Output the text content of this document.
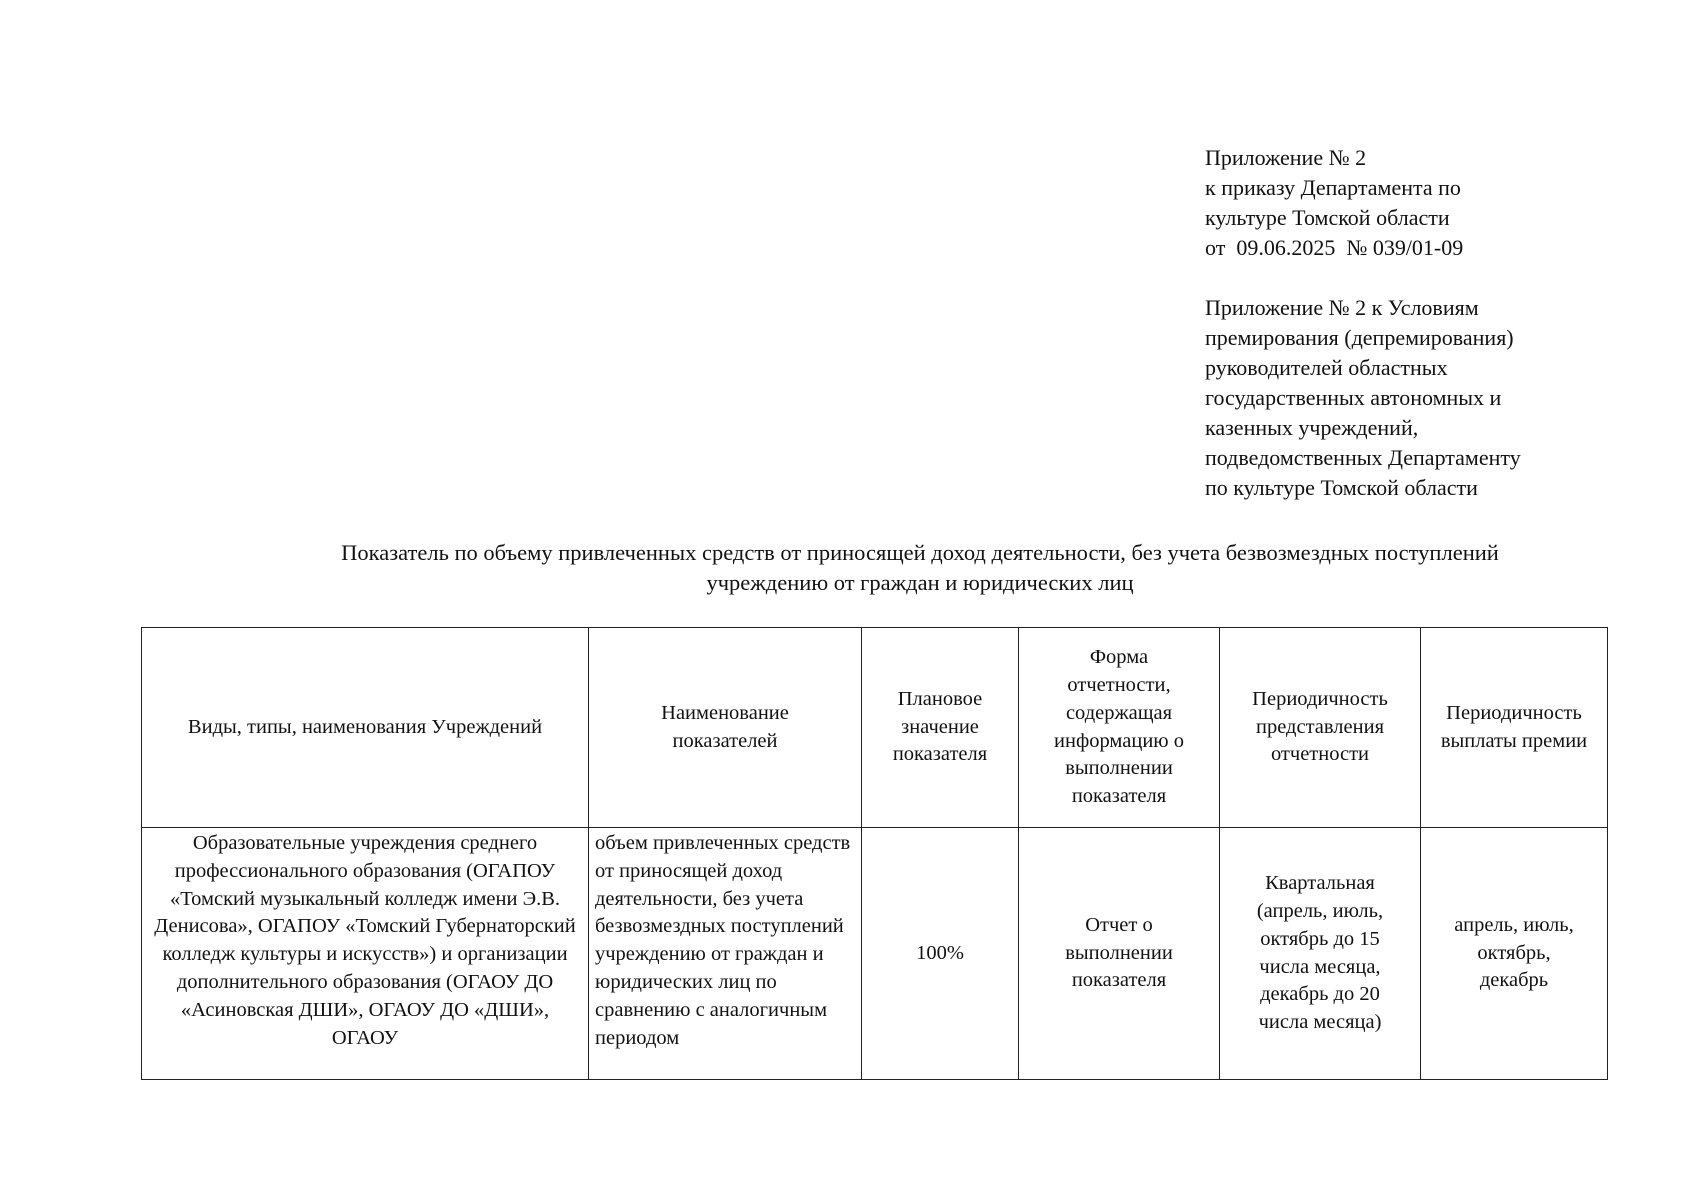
Приложение № 2
к приказу Департамента по
культуре Томской области
от  09.06.2025  № 039/01-09
Приложение № 2 к Условиям
премирования (депремирования)
руководителей областных
государственных автономных и
казенных учреждений,
подведомственных Департаменту
по культуре Томской области
Показатель по объему привлеченных средств от приносящей доход деятельности, без учета безвозмездных поступлений
учреждению от граждан и юридических лиц
Виды, типы, наименования Учреждений	Наименование показателей	Плановое значение показателя	Форма отчетности, содержащая информацию о выполнении показателя	Периодичность представления отчетности	Периодичность выплаты премии

Образовательные учреждения среднего профессионального образования (ОГАПОУ «Томский музыкальный колледж имени Э.В. Денисова», ОГАПОУ «Томский Губернаторский колледж культуры и искусств») и организации дополнительного образования (ОГАОУ ДО «Асиновская ДШИ», ОГАОУ ДО «ДШИ», ОГАОУ	объем привлеченных средств от приносящей доход деятельности, без учета безвозмездных поступлений учреждению от граждан и юридических лиц по сравнению с аналогичным периодом	100%	Отчет о выполнении показателя	Квартальная (апрель, июль, октябрь до 15 числа месяца, декабрь до 20 числа месяца)	апрель, июль, октябрь, декабрь
